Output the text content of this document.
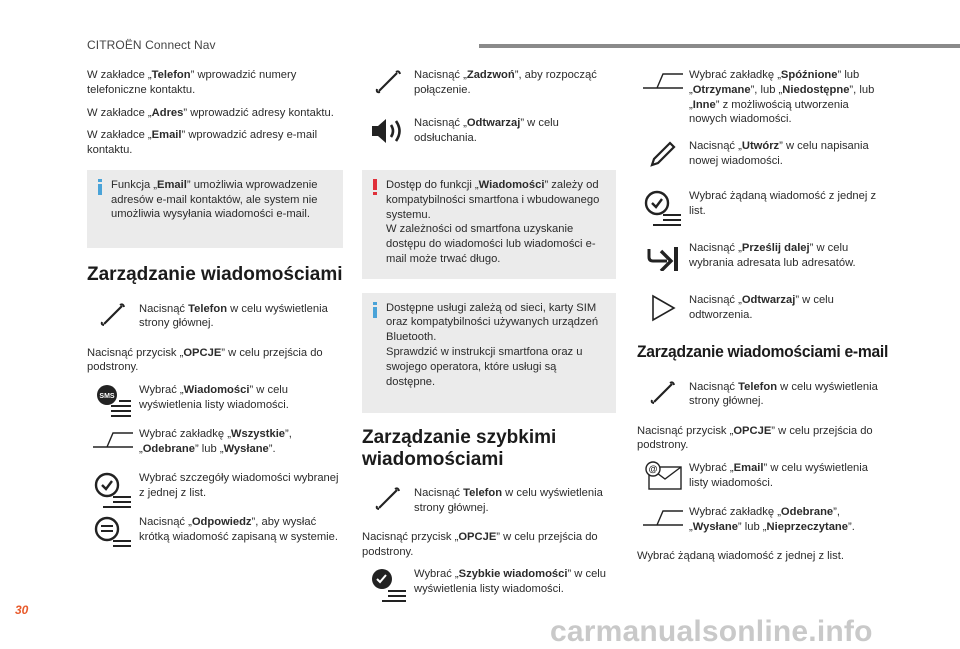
CITROËN Connect Nav

W zakładce „Telefon” wprowadzić numery telefoniczne kontaktu.

W zakładce „Adres” wprowadzić adresy kontaktu.

W zakładce „Email” wprowadzić adresy e-mail kontaktu.

Funkcja „Email” umożliwia wprowadzenie adresów e-mail kontaktów, ale system nie umożliwia wysyłania wiadomości e-mail.
Zarządzanie wiadomościami
Nacisnąć Telefon w celu wyświetlenia strony głównej.

Nacisnąć przycisk „OPCJE” w celu przejścia do podstrony.

SMS
Wybrać „Wiadomości” w celu wyświetlenia listy wiadomości.
Wybrać zakładkę „Wszystkie”, „Odebrane” lub „Wysłane”.
Wybrać szczegóły wiadomości wybranej z jednej z list.
Nacisnąć „Odpowiedz”, aby wysłać krótką wiadomość zapisaną w systemie.
Nacisnąć „Zadzwoń”, aby rozpocząć połączenie.
Nacisnąć „Odtwarzaj” w celu odsłuchania.
Dostęp do funkcji „Wiadomości” zależy od kompatybilności smartfona i wbudowanego systemu.
W zależności od smartfona uzyskanie dostępu do wiadomości lub wiadomości e-mail może trwać długo.
Dostępne usługi zależą od sieci, karty SIM oraz kompatybilności używanych urządzeń Bluetooth.
Sprawdzić w instrukcji smartfona oraz u swojego operatora, które usługi są dostępne.
Zarządzanie szybkimi wiadomościami
Nacisnąć Telefon w celu wyświetlenia strony głównej.

Nacisnąć przycisk „OPCJE” w celu przejścia do podstrony.

Wybrać „Szybkie wiadomości” w celu wyświetlenia listy wiadomości.
Wybrać zakładkę „Spóźnione” lub „Otrzymane”, lub „Niedostępne”, lub „Inne” z możliwością utworzenia nowych wiadomości.
Nacisnąć „Utwórz” w celu napisania nowej wiadomości.
Wybrać żądaną wiadomość z jednej z list.
Nacisnąć „Prześlij dalej” w celu wybrania adresata lub adresatów.
Nacisnąć „Odtwarzaj” w celu odtworzenia.
Zarządzanie wiadomościami e-mail
Nacisnąć Telefon w celu wyświetlenia strony głównej.

Nacisnąć przycisk „OPCJE” w celu przejścia do podstrony.

@	Wybrać „Email” w celu wyświetlenia listy wiadomości.
Wybrać zakładkę „Odebrane”, „Wysłane” lub „Nieprzeczytane”.

Wybrać żądaną wiadomość z jednej z list.

30
carmanualsonline.info
